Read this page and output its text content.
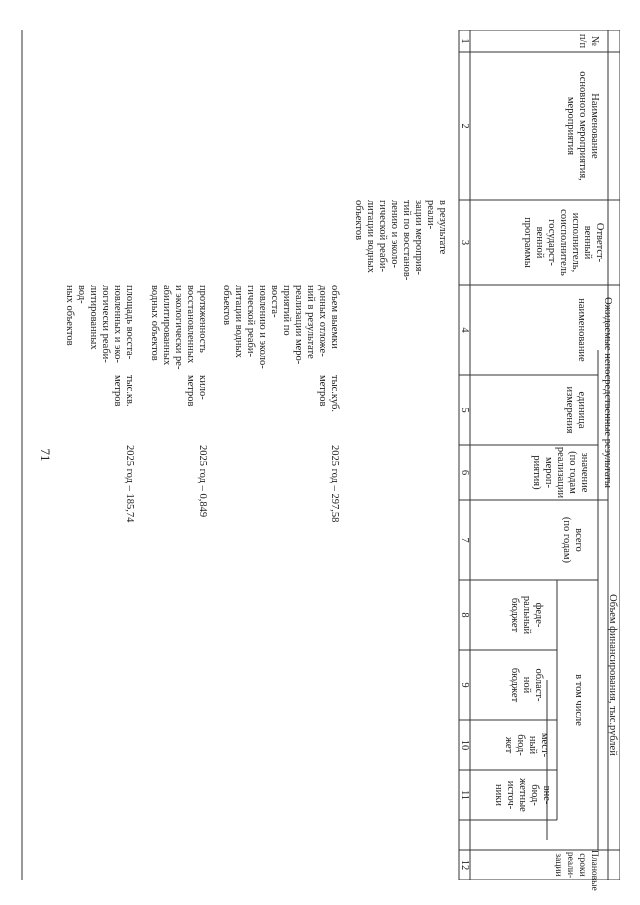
71
№
п/п
Наименование
основного мероприятия,
мероприятия
Ответст-
венный
исполнитель,
соисполнитель
государст-
венной
программы
Ожидаемые непосредственные результаты
наименование
единица
измерения
значение
(по годам
реализации
мероп-
риятия)
Объем финансирования, тыс.рублей
всего
(по годам)
в том числе
феде-
ральный
бюджет
област-
ной
бюджет
мест-
ный
бюд-
жет
вне-
бюд-
жетные
источ-
ники
Плановые
сроки
реали-
зации
1
2
3
4
5
6
7
8
9
10
11
12
в результате реали-
зации мероприя-
тий по восстанов-
лению и эколо-
гической реаби-
литации водных
объектов
объем выемки
донных отложе-
ний в результате
реализации меро-
приятий по восста-
новлению и эколо-
гической реаби-
литации водных
объектов
тыс.куб.
метров
2025 год – 297,58
протяженность
восстановленных
и экологически ре-
абилитированных
водных объектов
кило-
метров
2025 год – 0,849
площадь восста-
новленных и эко-
логически реаби-
литированных вод-
ных объектов
тыс.кв.
метров
2025 год – 185,74
